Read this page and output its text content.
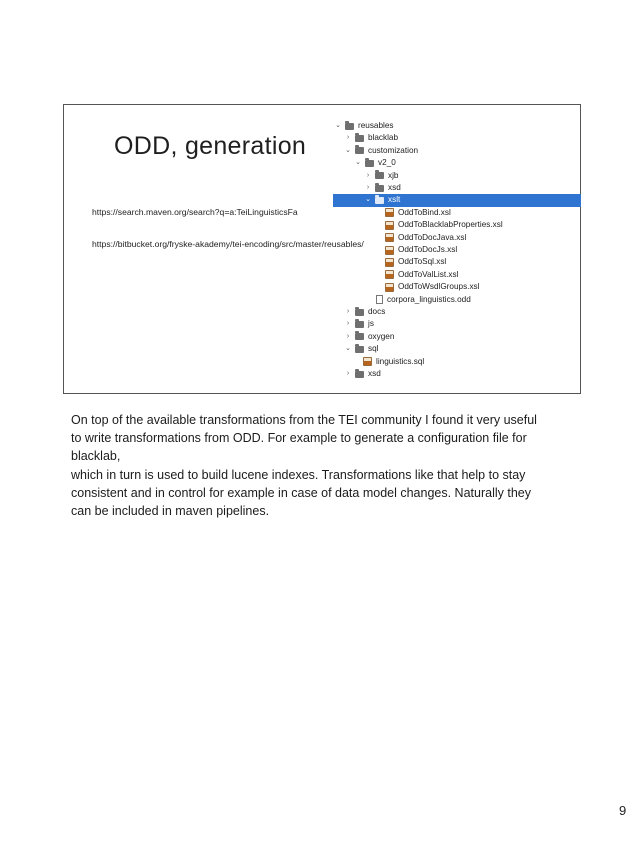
ODD, generation
https://search.maven.org/search?q=a:TeiLinguisticsFa
https://bitbucket.org/fryske-akademy/tei-encoding/src/master/reusables/
⌄ reusables
›	blacklab
⌄ customization
⌄ v2_0
›	xjb
›	xsd
⌄ xslt
OddToBind.xsl
OddToBlacklabProperties.xsl
OddToDocJava.xsl
OddToDocJs.xsl
OddToSql.xsl
OddToValList.xsl
OddToWsdlGroups.xsl
corpora_linguistics.odd
›	docs
›	js
›	oxygen
⌄ sql
linguistics.sql
›	xsd

On top of the available transformations from the TEI community I found it very useful

to write transformations from ODD. For example to generate a configuration file for

blacklab,

which in turn is used to build lucene indexes. Transformations like that help to stay

consistent and in control for example in case of data model changes. Naturally they

can be included in maven pipelines.

9
